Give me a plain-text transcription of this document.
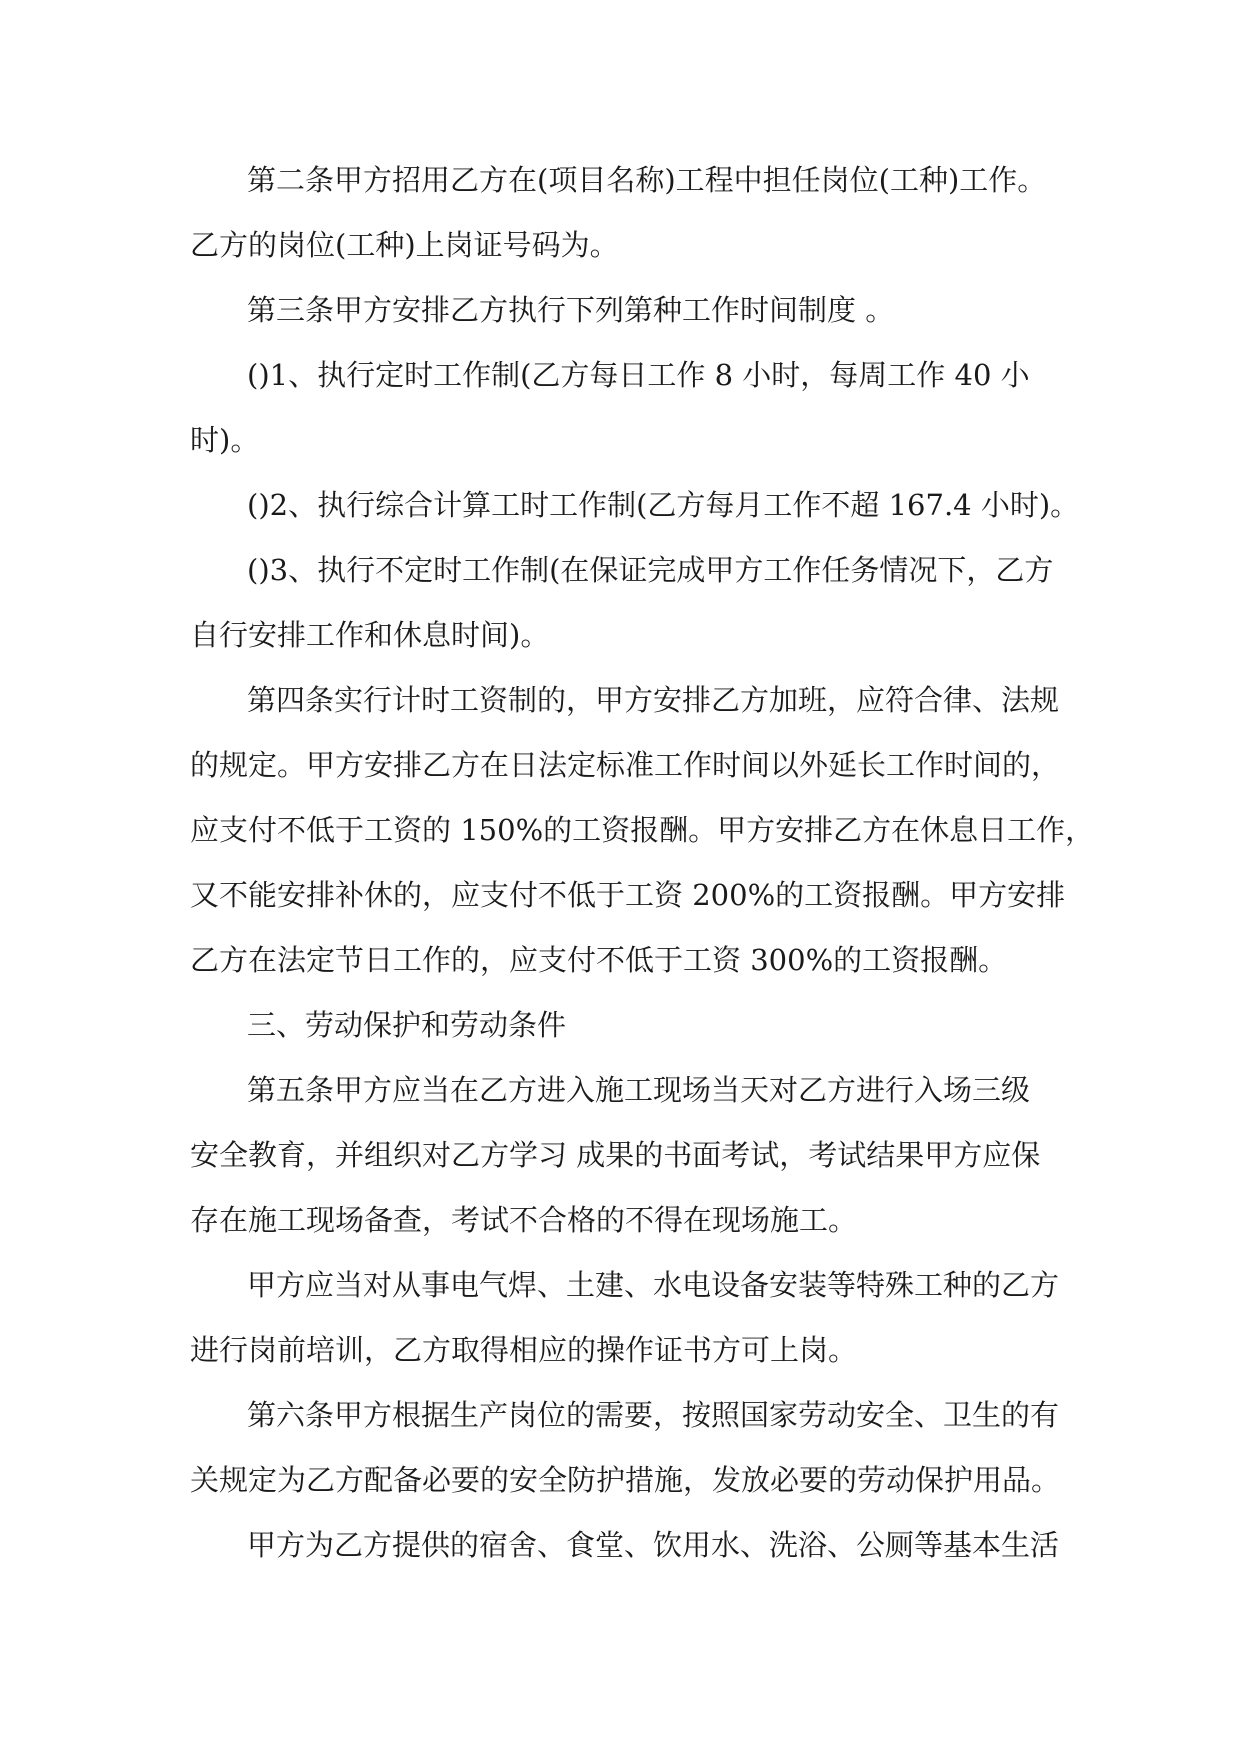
第二条甲方招用乙方在(项目名称)工程中担任岗位(工种)工作。

乙方的岗位(工种)上岗证号码为。

第三条甲方安排乙方执行下列第种工作时间制度 。

()1、执行定时工作制(乙方每日工作 8 小时，每周工作 40 小

时)。

()2、执行综合计算工时工作制(乙方每月工作不超 167.4 小时)。

()3、执行不定时工作制(在保证完成甲方工作任务情况下，乙方

自行安排工作和休息时间)。

第四条实行计时工资制的，甲方安排乙方加班，应符合律、法规

的规定。甲方安排乙方在日法定标准工作时间以外延长工作时间的，

应支付不低于工资的 150%的工资报酬。甲方安排乙方在休息日工作，

又不能安排补休的，应支付不低于工资 200%的工资报酬。甲方安排

乙方在法定节日工作的，应支付不低于工资 300%的工资报酬。

三、劳动保护和劳动条件

第五条甲方应当在乙方进入施工现场当天对乙方进行入场三级

安全教育，并组织对乙方学习 成果的书面考试，考试结果甲方应保

存在施工现场备查，考试不合格的不得在现场施工。

甲方应当对从事电气焊、土建、水电设备安装等特殊工种的乙方

进行岗前培训，乙方取得相应的操作证书方可上岗。

第六条甲方根据生产岗位的需要，按照国家劳动安全、卫生的有

关规定为乙方配备必要的安全防护措施，发放必要的劳动保护用品。

甲方为乙方提供的宿舍、食堂、饮用水、洗浴、公厕等基本生活
